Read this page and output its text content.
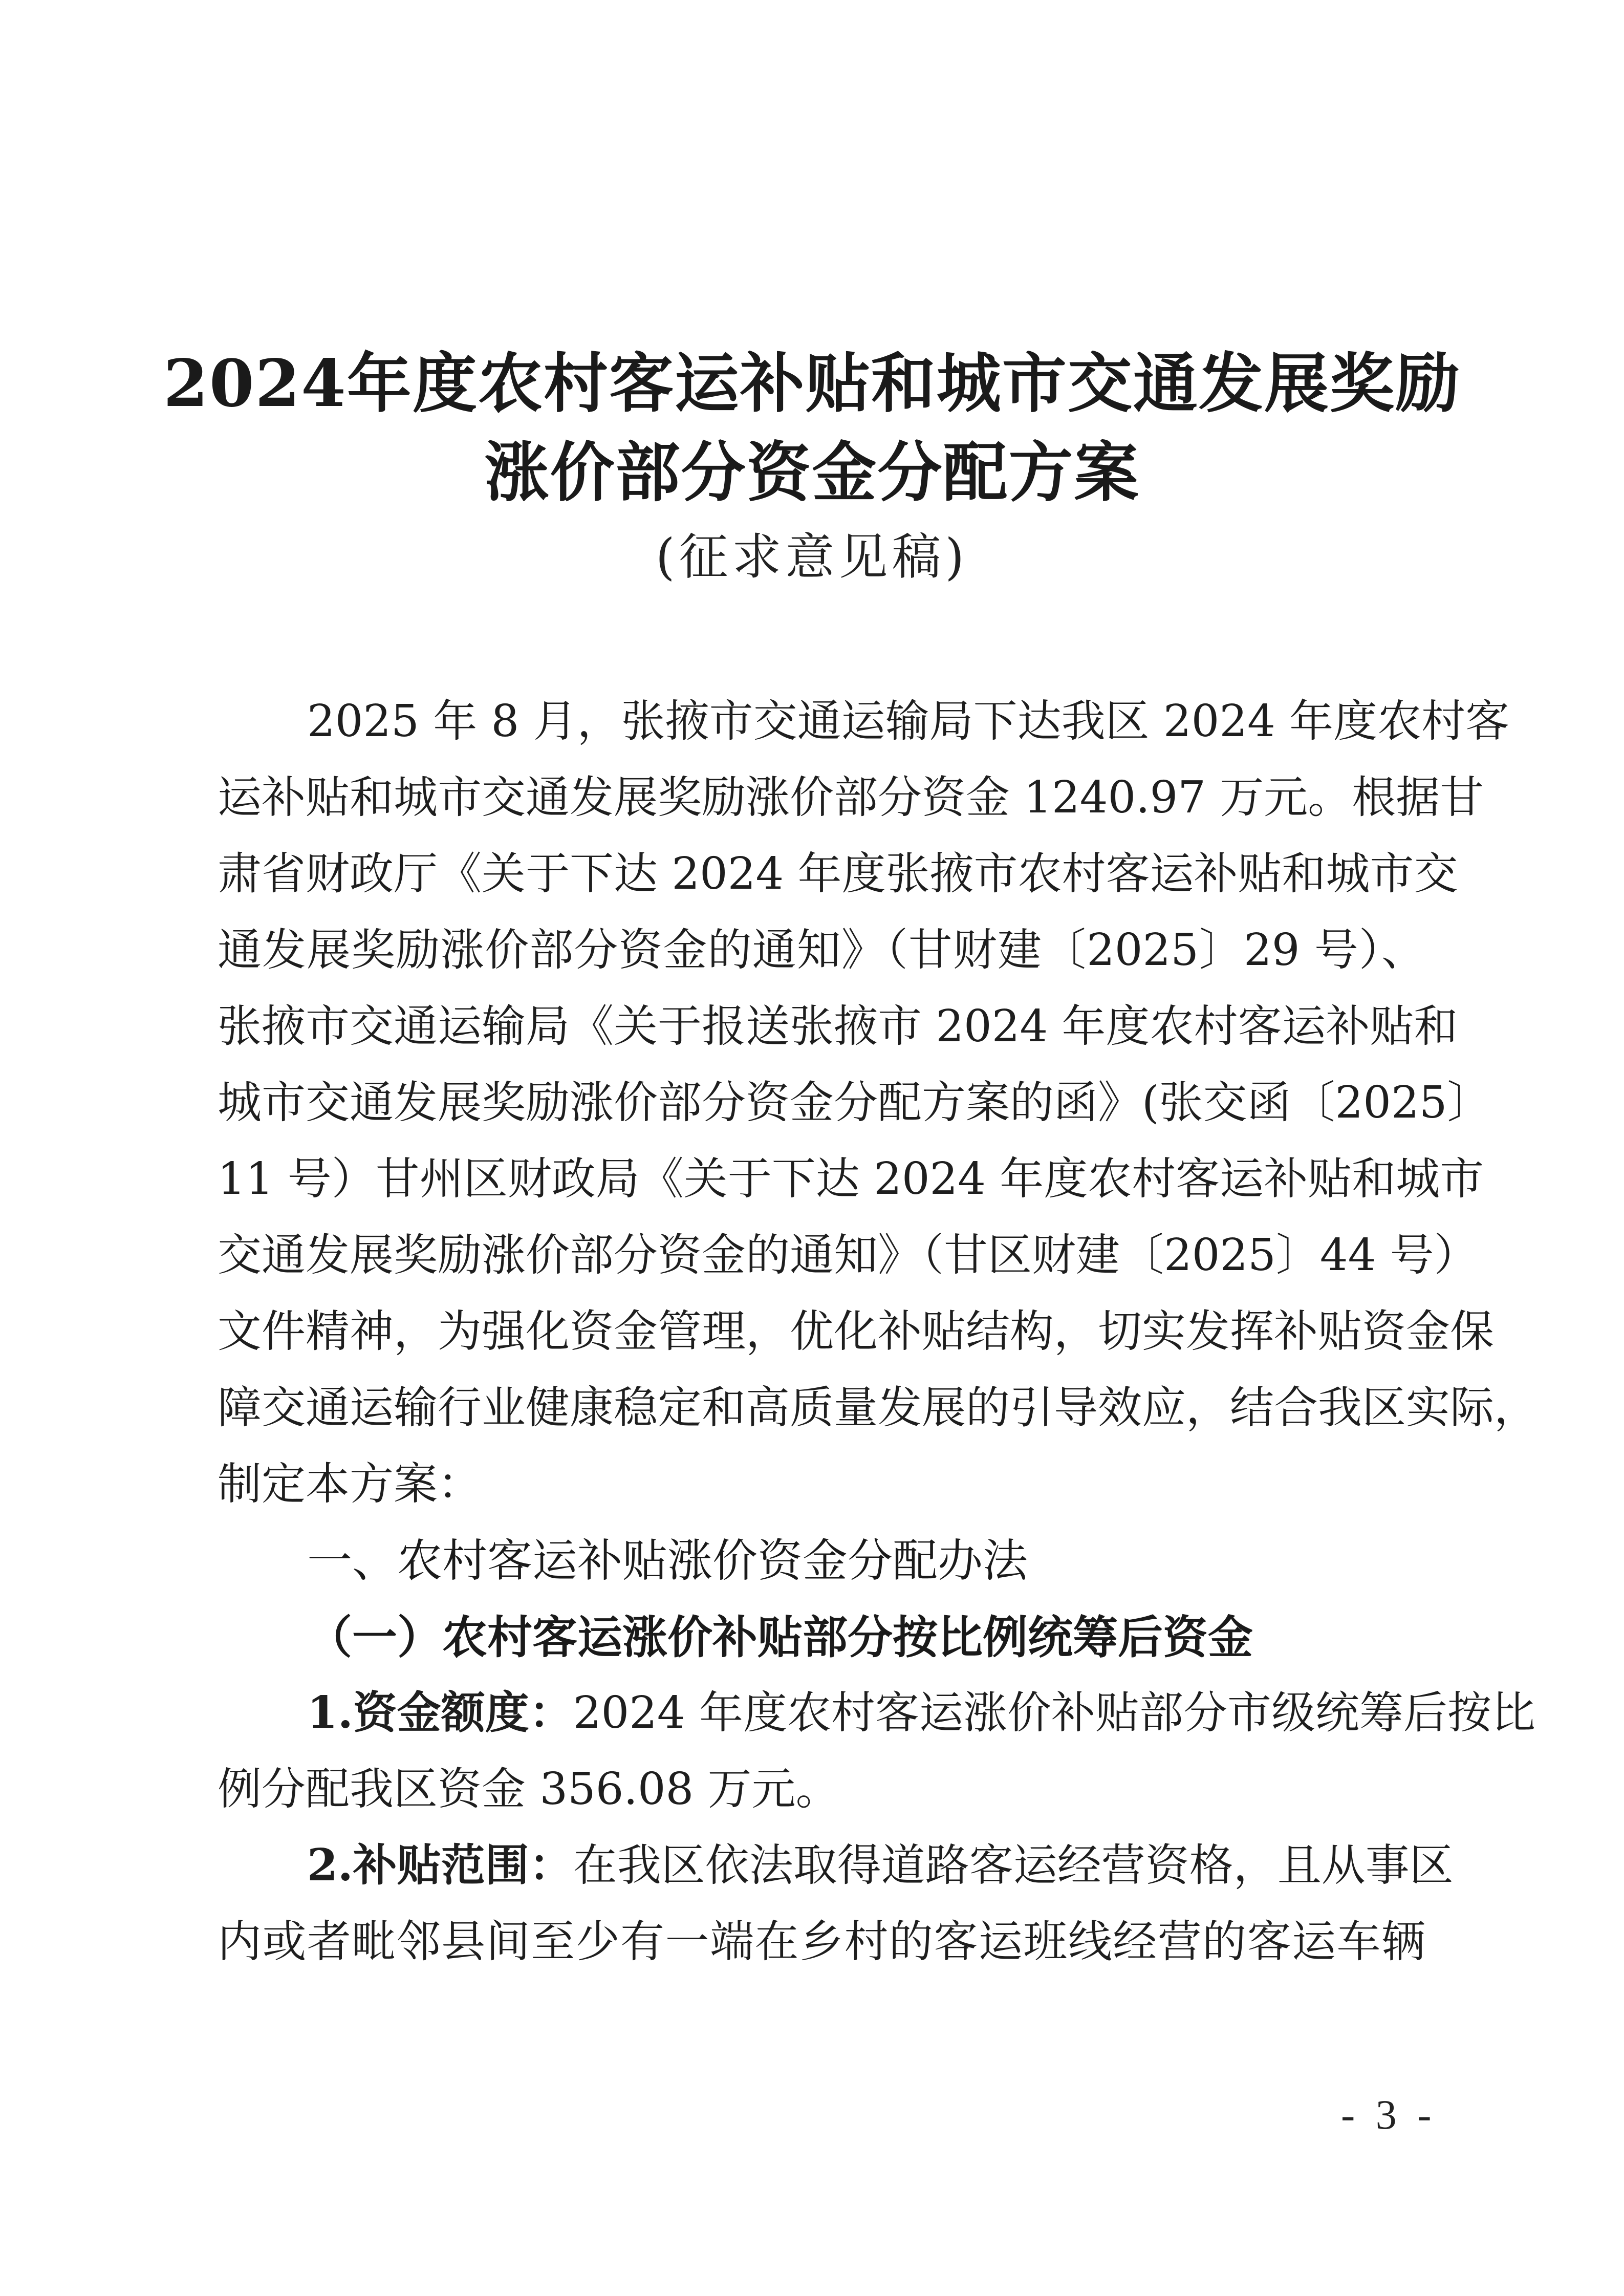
2024年度农村客运补贴和城市交通发展奖励
涨价部分资金分配方案
(征求意见稿)
2025 年 8 月，张掖市交通运输局下达我区 2024 年度农村客
运补贴和城市交通发展奖励涨价部分资金 1240.97 万元。根据甘
肃省财政厅《关于下达 2024 年度张掖市农村客运补贴和城市交
通发展奖励涨价部分资金的通知》（甘财建〔2025〕29 号）、
张掖市交通运输局《关于报送张掖市 2024 年度农村客运补贴和
城市交通发展奖励涨价部分资金分配方案的函》(张交函〔2025〕
11 号）甘州区财政局《关于下达 2024 年度农村客运补贴和城市
交通发展奖励涨价部分资金的通知》（甘区财建〔2025〕44 号）
文件精神，为强化资金管理，优化补贴结构，切实发挥补贴资金保
障交通运输行业健康稳定和高质量发展的引导效应，结合我区实际，
制定本方案：
一、农村客运补贴涨价资金分配办法
（一）农村客运涨价补贴部分按比例统筹后资金
1.资金额度：2024 年度农村客运涨价补贴部分市级统筹后按比
例分配我区资金 356.08 万元。
2.补贴范围：在我区依法取得道路客运经营资格，且从事区
内或者毗邻县间至少有一端在乡村的客运班线经营的客运车辆
- 3 -
